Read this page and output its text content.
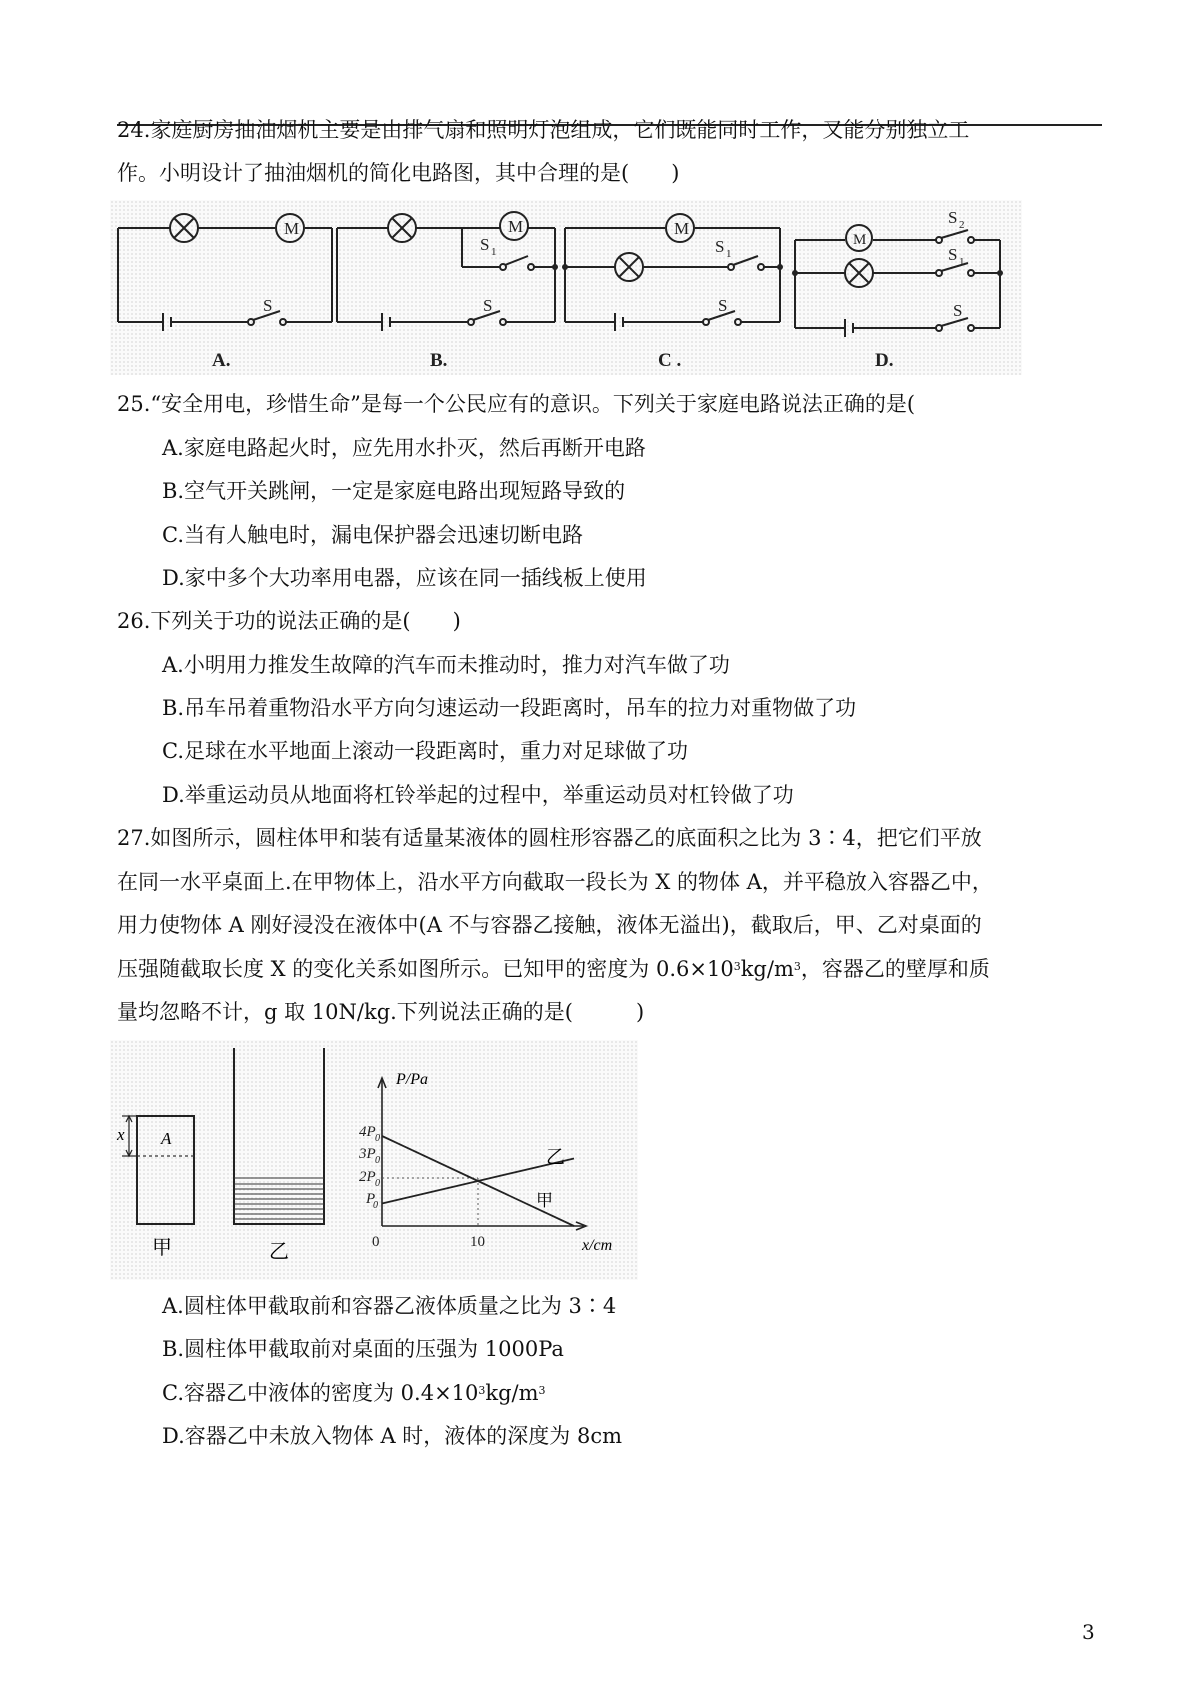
24.家庭厨房抽油烟机主要是由排气扇和照明灯泡组成，它们既能同时工作，又能分别独立工
作。小明设计了抽油烟机的简化电路图，其中合理的是(　　)
M	M	M
M
S	S	S	S
S 1	S 1	S 1
S 2
A.	B.	C .	D.
25.“安全用电，珍惜生命”是每一个公民应有的意识。下列关于家庭电路说法正确的是(
A.家庭电路起火时，应先用水扑灭，然后再断开电路
B.空气开关跳闸，一定是家庭电路出现短路导致的
C.当有人触电时，漏电保护器会迅速切断电路
D.家中多个大功率用电器，应该在同一插线板上使用
26.下列关于功的说法正确的是(　　)
A.小明用力推发生故障的汽车而未推动时，推力对汽车做了功
B.吊车吊着重物沿水平方向匀速运动一段距离时，吊车的拉力对重物做了功
C.足球在水平地面上滚动一段距离时，重力对足球做了功
D.举重运动员从地面将杠铃举起的过程中，举重运动员对杠铃做了功
27.如图所示，圆柱体甲和装有适量某液体的圆柱形容器乙的底面积之比为 3∶4，把它们平放
在同一水平桌面上.在甲物体上，沿水平方向截取一段长为 X 的物体 A，并平稳放入容器乙中，
用力使物体 A 刚好浸没在液体中(A 不与容器乙接触，液体无溢出)，截取后，甲、乙对桌面的
压强随截取长度 X 的变化关系如图所示。已知甲的密度为 $0.6\times 10^3kg/m^3$，容器乙的壁厚和质
量均忽略不计，g 取 10N/kg.下列说法正确的是(　　　)
x A
甲	乙
P/Pa
x/cm
4P 0
3P 0
2P 0
P
0
0	10
乙
甲
A.圆柱体甲截取前和容器乙液体质量之比为 3∶4
B.圆柱体甲截取前对桌面的压强为 1000Pa
C.容器乙中液体的密度为 $0.4\times 10^3kg/m^3$
D.容器乙中未放入物体 A 时，液体的深度为 8cm
3
